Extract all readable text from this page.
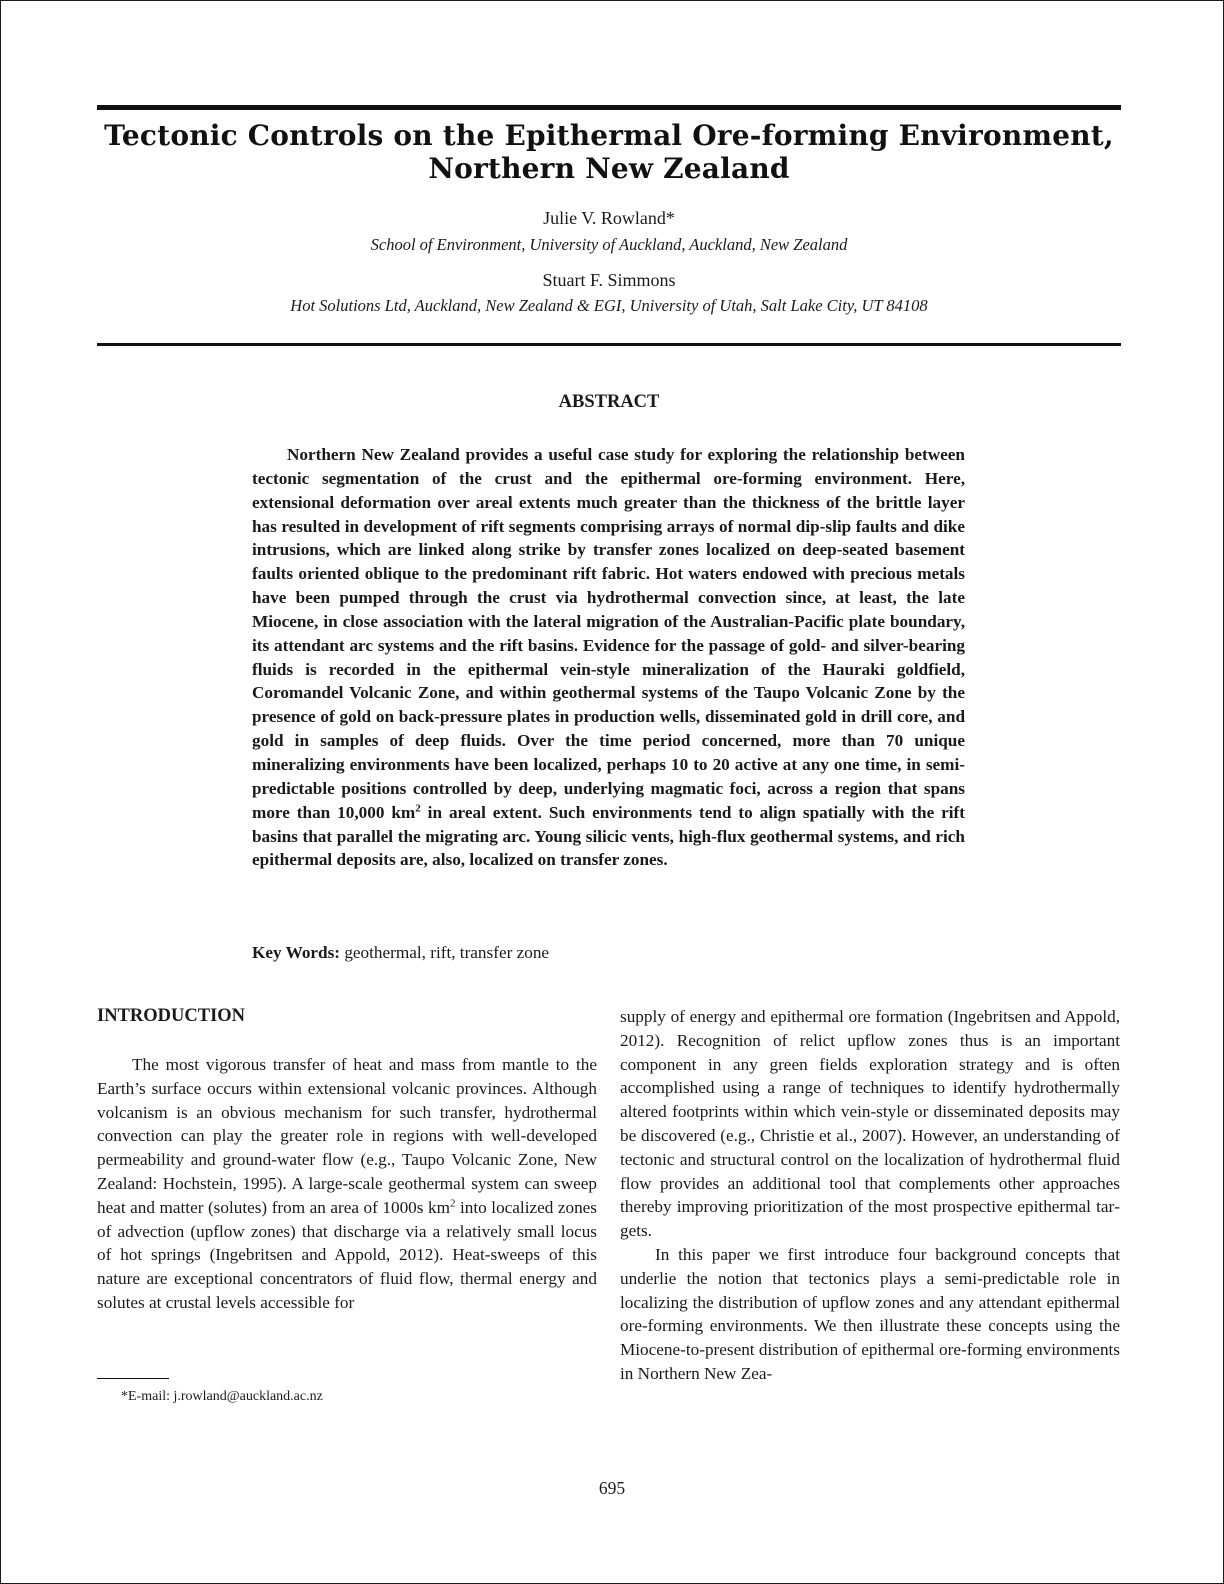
Tectonic Controls on the Epithermal Ore-forming Environment,
Northern New Zealand
Julie V. Rowland*
School of Environment, University of Auckland, Auckland, New Zealand
Stuart F. Simmons
Hot Solutions Ltd, Auckland, New Zealand & EGI, University of Utah, Salt Lake City, UT 84108
ABSTRACT
Northern New Zealand provides a useful case study for exploring the relationship between tectonic segmentation of the crust and the epithermal ore-forming environment. Here, extensional deformation over areal extents much greater than the thickness of the brittle layer has resulted in development of rift segments comprising arrays of normal dip-slip faults and dike intrusions, which are linked along strike by transfer zones localized on deep-seated basement faults oriented oblique to the predominant rift fabric. Hot waters endowed with precious metals have been pumped through the crust via hydrothermal convection since, at least, the late Miocene, in close association with the lateral migration of the Australian-Pacific plate boundary, its attendant arc systems and the rift basins. Evidence for the passage of gold- and silver-bearing fluids is recorded in the epithermal vein-style mineralization of the Hauraki goldfield, Coromandel Volcanic Zone, and within geothermal systems of the Taupo Volcanic Zone by the presence of gold on back-pressure plates in production wells, disseminated gold in drill core, and gold in samples of deep fluids. Over the time period concerned, more than 70 unique mineralizing environments have been localized, perhaps 10 to 20 active at any one time, in semi-predictable positions controlled by deep, underlying magmatic foci, across a region that spans more than 10,000 $km^2$ in areal extent. Such environments tend to align spatially with the rift basins that parallel the migrating arc. Young silicic vents, high-flux geothermal systems, and rich epithermal deposits are, also, localized on transfer zones.
Key Words: geothermal, rift, transfer zone
INTRODUCTION

The most vigorous transfer of heat and mass from mantle to the Earth’s surface occurs within extensional volcanic provinces. Although volcanism is an obvious mechanism for such transfer, hydrothermal convection can play the greater role in regions with well-developed permeability and ground-water flow (e.g., Taupo Volcanic Zone, New Zealand: Hochstein, 1995). A large-scale geothermal system can sweep heat and matter (solutes) from an area of 1000s $km^2$ into localized zones of advection (upflow zones) that discharge via a relatively small locus of hot springs (Ingebritsen and Appold, 2012). Heat-sweeps of this nature are exceptional concentrators of fluid flow, thermal energy and solutes at crustal levels accessible for

supply of energy and epithermal ore formation (Ingebritsen and Appold, 2012). Recognition of relict upflow zones thus is an important component in any green fields exploration strategy and is often accomplished using a range of techniques to identify hydrothermally altered footprints within which vein-style or disseminated deposits may be discovered (e.g., Christie et al., 2007). However, an understanding of tectonic and structural control on the localization of hydrothermal fluid flow provides an additional tool that complements other approaches thereby improving prioritization of the most prospective epithermal targets.

In this paper we first introduce four background concepts that underlie the notion that tectonics plays a semi-predictable role in localizing the distribution of upflow zones and any attendant epithermal ore-forming environments. We then illustrate these concepts using the Miocene-to-present distribution of epithermal ore-forming environments in Northern New Zea-

*E-mail: j.rowland@auckland.ac.nz
695
